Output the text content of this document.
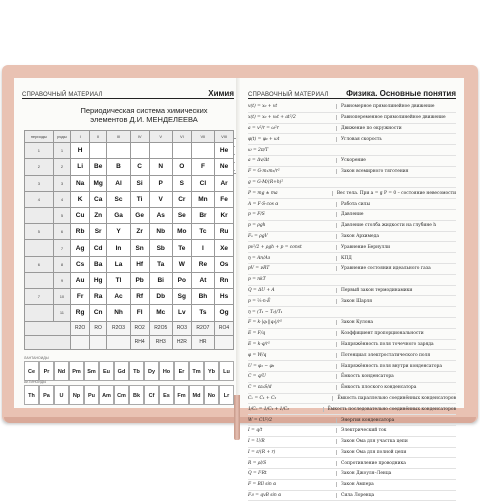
СПРАВОЧНЫЙ МАТЕРИАЛ	Химия
Периодическая система химических
элементов Д.И. МЕНДЕЛЕЕВА
периоды	ряды	I	II	III	IV	V	VI	VII	VIII
1	1	H							He

2	2	Li	Be	B	C	N	O	F	Ne

3	3	Na	Mg	Al	Si	P	S	Cl	Ar

4	4	K	Ca	Sc	Ti	V	Cr	Mn	Fe

	5	Cu	Zn	Ga	Ge	As	Se	Br	Kr

5	6	Rb	Sr	Y	Zr	Nb	Mo	Tc	Ru

	7	Ag	Cd	In	Sn	Sb	Te	I	Xe

6	8	Cs	Ba	La	Hf	Ta	W	Re	Os

	9	Au	Hg	Tl	Pb	Bi	Po	At	Rn

7	10	Fr	Ra	Ac	Rf	Db	Sg	Bh	Hs

	11	Rg	Cn	Nh	Fl	Mc	Lv	Ts	Og

		R2O	RO	R2O3	RO2	R2O5	RO3	R2O7	RO4
					RH4	RH3	H2R	HR	
ЛАНТАНОИДЫ
Ce	Pr	Nd	Pm	Sm	Eu	Gd	Tb	Dy	Ho	Er	Tm	Yb	Lu
АКТИНОИДЫ
Th	Pa	U	Np	Pu	Am	Cm	Bk	Cf	Es	Fm	Md	No	Lr
СПРАВОЧНЫЙ МАТЕРИАЛ Физика. Основные понятия
v(t) = x₀ + vt	Равномерное прямолинейное движение
x(t) = x₀ + v₀t + at²/2	Равнопеременное прямолинейное движение
a = v²/r = ω²r	Движение по окружности
φ(t) = φ₀ + ωt	Угловая скорость
ω = 2π/T
a = Δv/Δt	Ускорение
F = G·m₁m₂/r²	Закон всемирного тяготения
g = G·M/(R+h)²
P = mg ± ma	Вес тела. При a = g P = 0 – состояние невесомости
A = F·S·cos α	Работа силы
p = F/S	Давление
p = ρgh	Давление столба жидкости на глубине h
Fₐ = ρgV	Закон Архимеда
pv²/2 + ρgh + p = const	Уравнение Бернулли
η = Aп/Aз	КПД
pV = νRT	Уравнение состояния идеального газа
p = nkT
Q = ΔU + A	Первый закон термодинамики
p = ⅔·n·Ē	Закон Шарля
η = (T₁ − T₂)/T₁
F = k·|q₁||q₂|/r²	Закон Кулона
E = F/q	Коэффициент пропорциональности
E = k·q/r²	Напряжённость поля точечного заряда
φ = W/q	Потенциал электростатического поля
U = φ₁ − φ₂	Напряжённость поля внутри конденсатора
C = q/U	Ёмкость конденсатора
C = εε₀S/d	Ёмкость плоского конденсатора
Cₒ = C₁ + C₂	Ёмкость параллельно соединённых конденсаторов
1/Cₒ = 1/C₁ + 1/C₂	Ёмкость последовательно соединённых конденсаторов
W = CU²/2	Энергия конденсатора
I = q/t	Электрический ток
I = U/R	Закон Ома для участка цепи
I = ε/(R + r)	Закон Ома для полной цепи
R = ρl/S	Сопротивление проводника
Q = I²Rt	Закон Джоуля–Ленца
F = BIl sin α	Закон Ампера
Fл = qvB sin α	Сила Лоренца
